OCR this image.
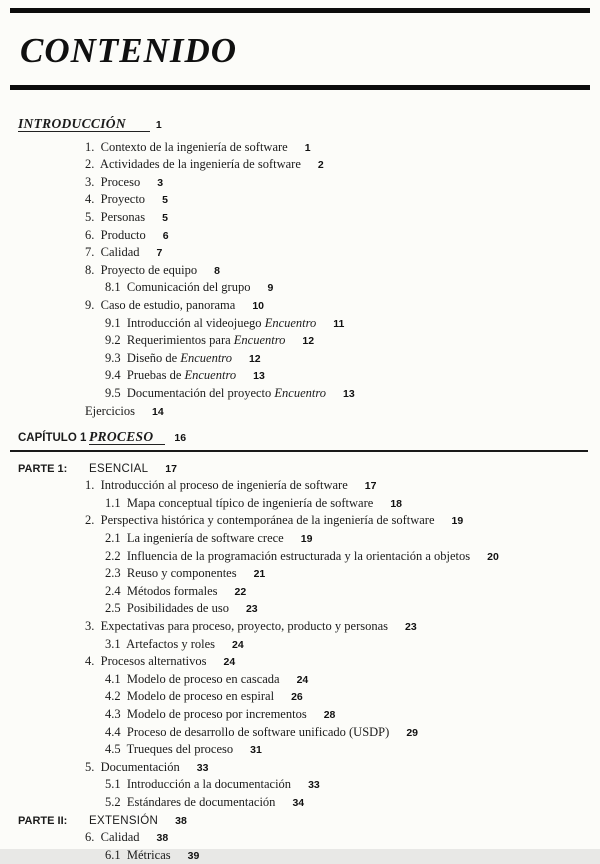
CONTENIDO
INTRODUCCIÓN	1
1.  Contexto de la ingeniería de software 1
2.  Actividades de la ingeniería de software 2
3.  Proceso 3
4.  Proyecto 5
5.  Personas 5
6.  Producto 6
7.  Calidad 7
8.  Proyecto de equipo 8
8.1  Comunicación del grupo 9
9.  Caso de estudio, panorama 10
9.1  Introducción al videojuego Encuentro 11
9.2  Requerimientos para Encuentro 12
9.3  Diseño de Encuentro 12
9.4  Pruebas de Encuentro 13
9.5  Documentación del proyecto Encuentro 13
Ejercicios 14
CAPÍTULO 1 PROCESO 16
PARTE 1: ESENCIAL 17
1.  Introducción al proceso de ingeniería de software 17
1.1  Mapa conceptual típico de ingeniería de software 18
2.  Perspectiva histórica y contemporánea de la ingeniería de software 19
2.1  La ingeniería de software crece 19
2.2  Influencia de la programación estructurada y la orientación a objetos 20
2.3  Reuso y componentes 21
2.4  Métodos formales 22
2.5  Posibilidades de uso 23
3.  Expectativas para proceso, proyecto, producto y personas 23
3.1  Artefactos y roles 24
4.  Procesos alternativos 24
4.1  Modelo de proceso en cascada 24
4.2  Modelo de proceso en espiral 26
4.3  Modelo de proceso por incrementos 28
4.4  Proceso de desarrollo de software unificado (USDP) 29
4.5  Trueques del proceso 31
5.  Documentación 33
5.1  Introducción a la documentación 33
5.2  Estándares de documentación 34
PARTE II: EXTENSIÓN 38
6.  Calidad 38
6.1  Métricas 39
